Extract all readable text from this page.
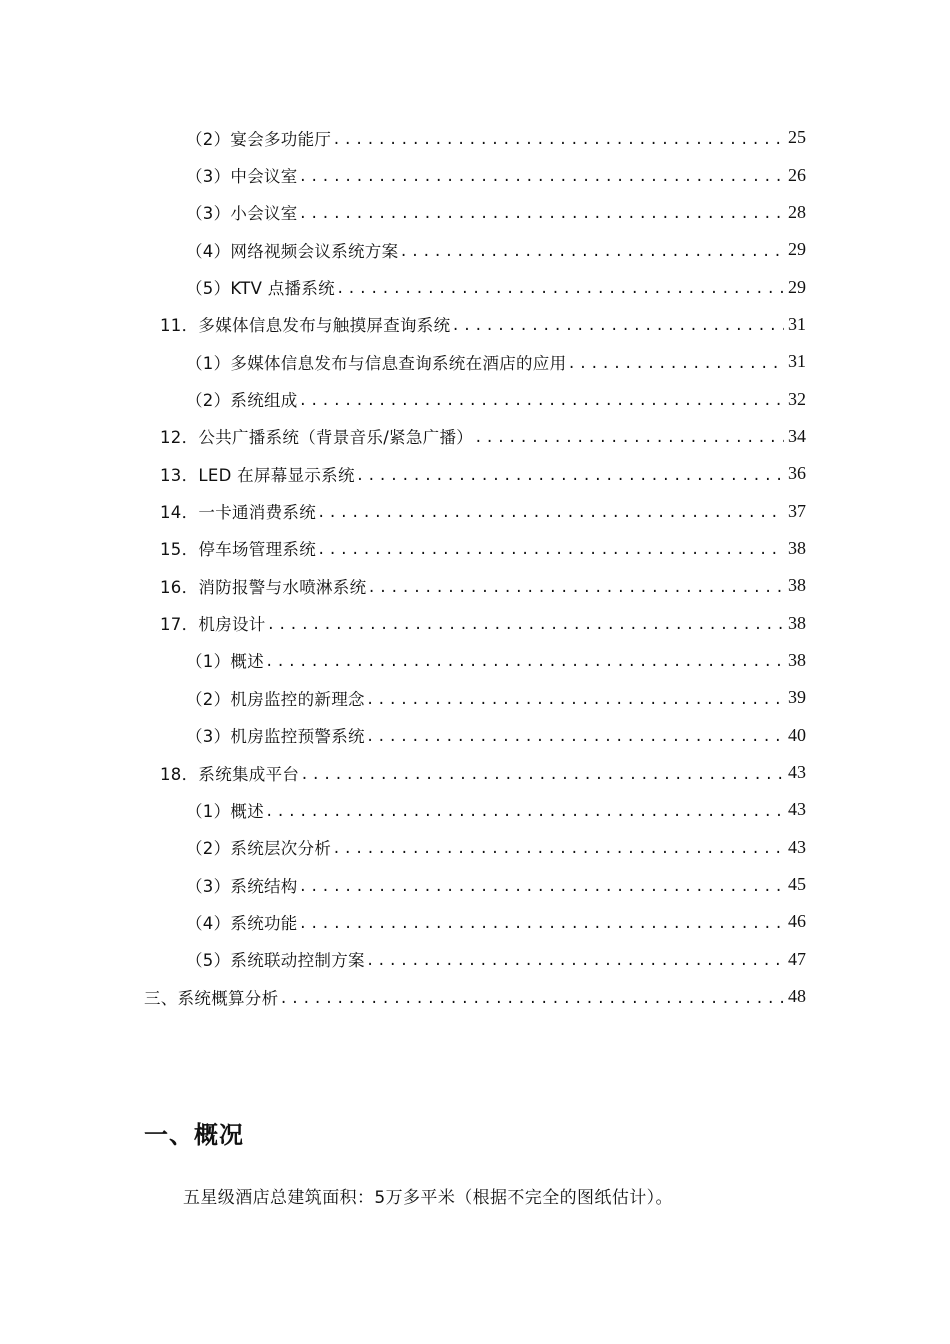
（2）宴会多功能厅 .....	25
（3）中会议室 .....	26
（3）小会议室 .....	28
（4）网络视频会议系统方案 .....	29
（5）KTV 点播系统 .....	29
11．多媒体信息发布与触摸屏查询系统 .....	31
（1）多媒体信息发布与信息查询系统在酒店的应用 .....	31
（2）系统组成 .....	32
12．公共广播系统（背景音乐/紧急广播） .....	34
13．LED 在屏幕显示系统 .....	36
14．一卡通消费系统 .....	37
15．停车场管理系统 .....	38
16．消防报警与水喷淋系统 .....	38
17．机房设计 .....	38
（1）概述 .....	38
（2）机房监控的新理念 .....	39
（3）机房监控预警系统 .....	40
18．系统集成平台 .....	43
（1）概述 .....	43
（2）系统层次分析 .....	43
（3）系统结构 .....	45
（4）系统功能 .....	46
（5）系统联动控制方案 .....	47
三、系统概算分析 .....	48
一、概况

五星级酒店总建筑面积：5万多平米（根据不完全的图纸估计）。
